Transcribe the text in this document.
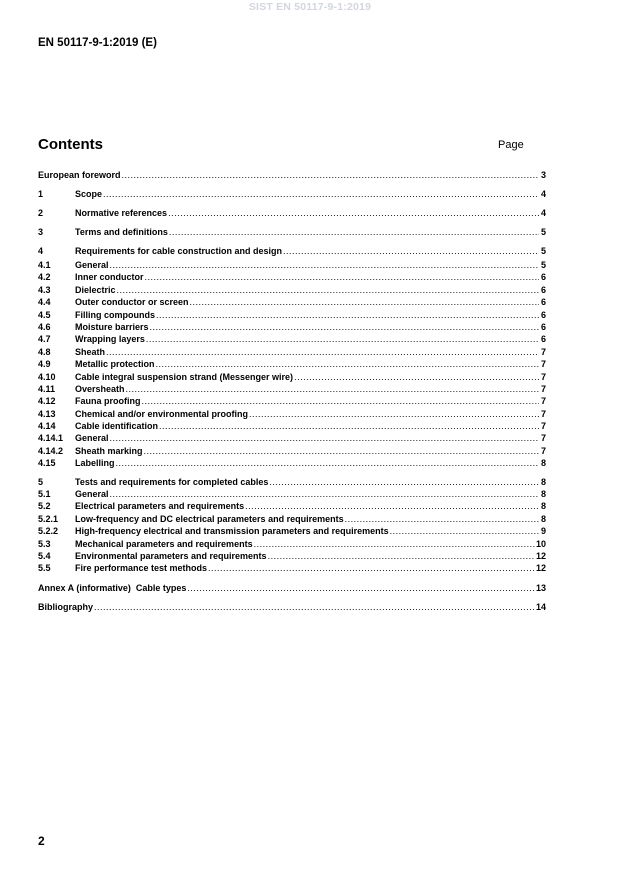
SIST EN 50117-9-1:2019
EN 50117-9-1:2019 (E)
Contents	Page
European foreword .....	3
1	Scope .....	4
2	Normative references .....	4
3	Terms and definitions .....	5
4	Requirements for cable construction and design .....	5
4.1	General .....	5
4.2	Inner conductor .....	6
4.3	Dielectric .....	6
4.4	Outer conductor or screen .....	6
4.5	Filling compounds .....	6
4.6	Moisture barriers .....	6
4.7	Wrapping layers .....	6
4.8	Sheath .....	7
4.9	Metallic protection .....	7
4.10	Cable integral suspension strand (Messenger wire) .....	7
4.11	Oversheath .....	7
4.12	Fauna proofing .....	7
4.13	Chemical and/or environmental proofing .....	7
4.14	Cable identification .....	7
4.14.1	General .....	7
4.14.2	Sheath marking .....	7
4.15	Labelling .....	8
5	Tests and requirements for completed cables .....	8
5.1	General .....	8
5.2	Electrical parameters and requirements .....	8
5.2.1	Low-frequency and DC electrical parameters and requirements .....	8
5.2.2	High-frequency electrical and transmission parameters and requirements .....	9
5.3	Mechanical parameters and requirements .....	10
5.4	Environmental parameters and requirements .....	12
5.5	Fire performance test methods .....	12
Annex A (informative)  Cable types .....	13
Bibliography .....	14
2
